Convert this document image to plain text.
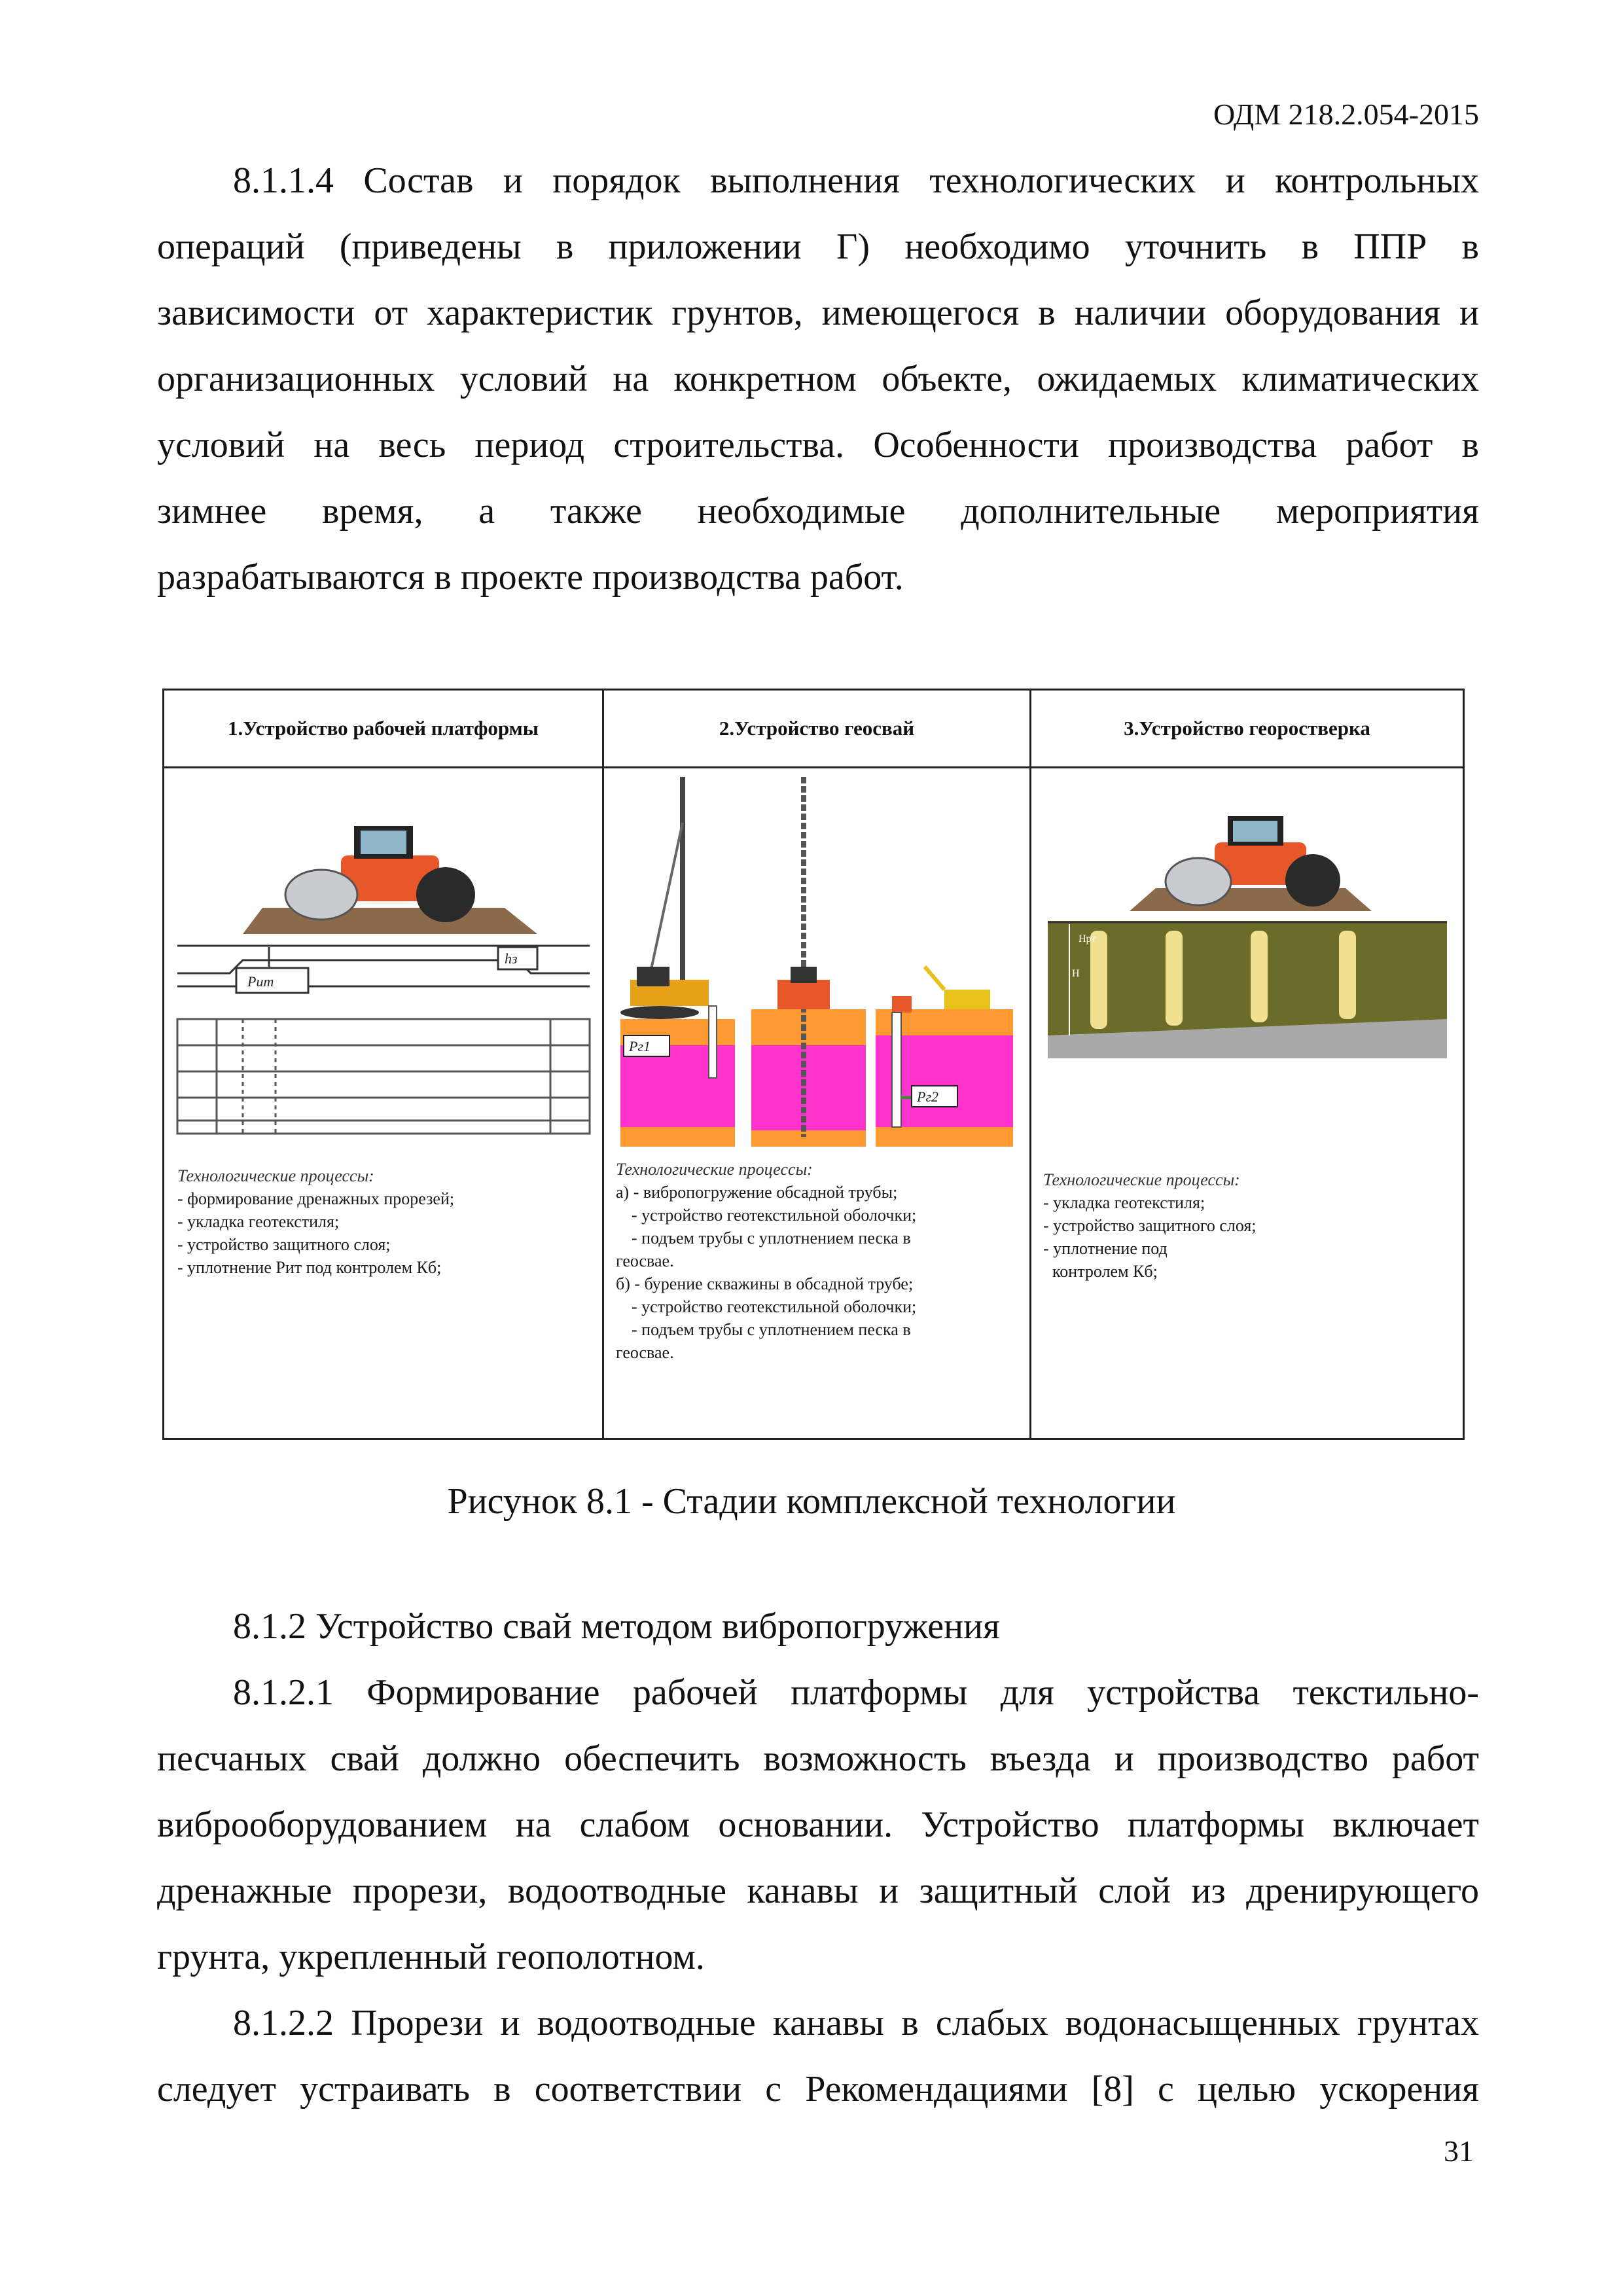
ОДМ 218.2.054-2015
8.1.1.4 Состав и порядок выполнения технологических и контрольных
операций (приведены в приложении Г) необходимо уточнить в ППР в
зависимости от характеристик грунтов, имеющегося в наличии оборудования и
организационных условий на конкретном объекте, ожидаемых климатических
условий на весь период строительства. Особенности производства работ в
зимнее время, а также необходимые дополнительные мероприятия
разрабатываются в проекте производства работ.
1.Устройство рабочей платформы
Рит
hз
Технологические процессы:
- формирование дренажных прорезей;
- укладка геотекстиля;
- устройство защитного слоя;
- уплотнение Рит под контролем Кб;
2.Устройство геосвай
Рг1
Рг2
Технологические процессы:
а) - вибропогружение обсадной трубы;
- устройство геотекстильной оболочки;
- подъем трубы с уплотнением песка в
геосвае.
б) - бурение скважины в обсадной трубе;
- устройство геотекстильной оболочки;
- подъем трубы с уплотнением песка в
геосвае.
3.Устройство георостверка
Hрт
H
Технологические процессы:
- укладка геотекстиля;
- устройство защитного слоя;
- уплотнение под
контролем Кб;
Рисунок 8.1 - Стадии комплексной технологии
8.1.2 Устройство свай методом вибропогружения
8.1.2.1 Формирование рабочей платформы для устройства текстильно-
песчаных свай должно обеспечить возможность въезда и производство работ
виброоборудованием на слабом основании. Устройство платформы включает
дренажные прорези, водоотводные канавы и защитный слой из дренирующего
грунта, укрепленный геополотном.
8.1.2.2 Прорези и водоотводные канавы в слабых водонасыщенных грунтах
следует устраивать в соответствии с Рекомендациями [8] с целью ускорения
31
